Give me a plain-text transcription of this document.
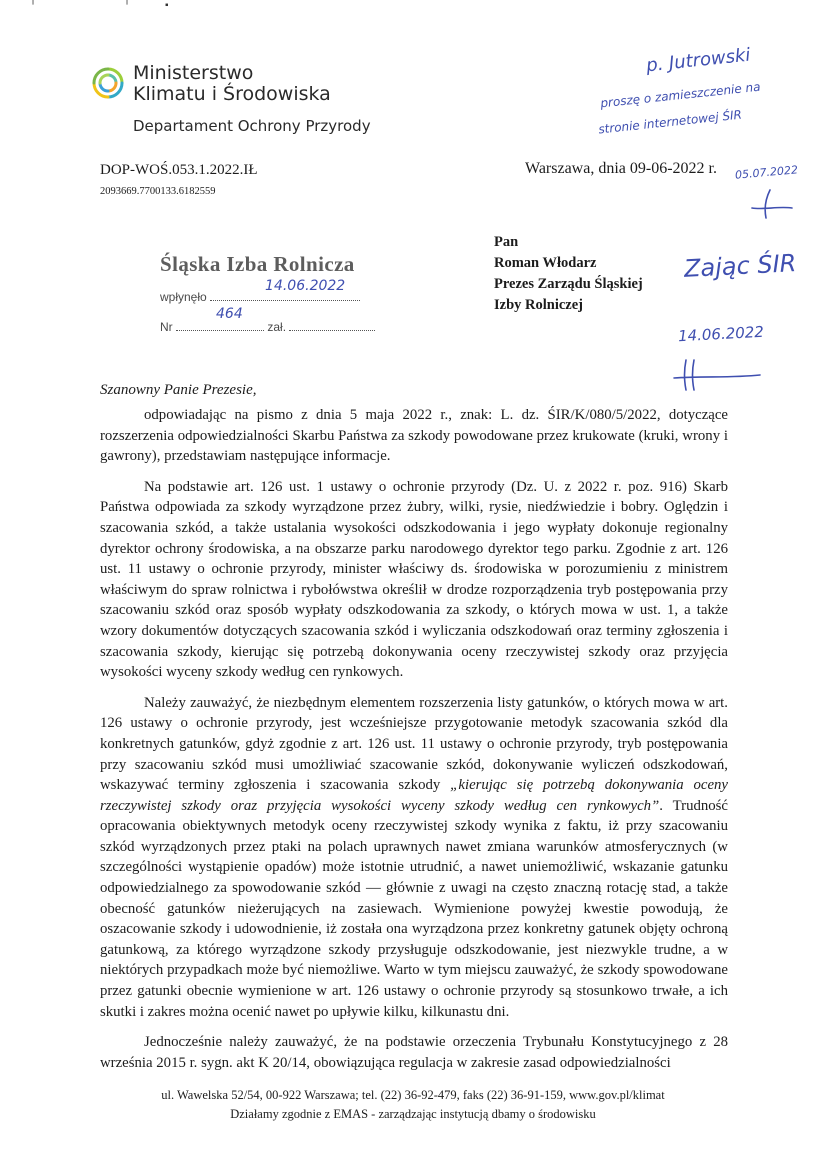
╵	╵	▪
Ministerstwo
Klimatu i Środowiska
Departament Ochrony Przyrody
DOP-WOŚ.053.1.2022.IŁ
2093669.7700133.6182559
Warszawa, dnia 09-06-2022 r.
Śląska Izba Rolnicza
wpłynęło
14.06.2022
Nr
464
zał.
Pan
Roman Włodarz
Prezes Zarządu Śląskiej
Izby Rolniczej
p. Jutrowski
proszę o zamieszczenie na
stronie internetowej ŚIR
05.07.2022
Zając ŚIR
14.06.2022
Szanowny Panie Prezesie,

odpowiadając na pismo z dnia 5 maja 2022 r., znak: L. dz. ŚIR/K/080/5/2022, dotyczące rozszerzenia odpowiedzialności Skarbu Państwa za szkody powodowane przez krukowate (kruki, wrony i gawrony), przedstawiam następujące informacje.

Na podstawie art. 126 ust. 1 ustawy o ochronie przyrody (Dz. U. z 2022 r. poz. 916) Skarb Państwa odpowiada za szkody wyrządzone przez żubry, wilki, rysie, niedźwiedzie i bobry. Oględzin i szacowania szkód, a także ustalania wysokości odszkodowania i jego wypłaty dokonuje regionalny dyrektor ochrony środowiska, a na obszarze parku narodowego dyrektor tego parku. Zgodnie z art. 126 ust. 11 ustawy o ochronie przyrody, minister właściwy ds. środowiska w porozumieniu z ministrem właściwym do spraw rolnictwa i rybołówstwa określił w drodze rozporządzenia tryb postępowania przy szacowaniu szkód oraz sposób wypłaty odszkodowania za szkody, o których mowa w ust. 1, a także wzory dokumentów dotyczących szacowania szkód i wyliczania odszkodowań oraz terminy zgłoszenia i szacowania szkody, kierując się potrzebą dokonywania oceny rzeczywistej szkody oraz przyjęcia wysokości wyceny szkody według cen rynkowych.

Należy zauważyć, że niezbędnym elementem rozszerzenia listy gatunków, o których mowa w art. 126 ustawy o ochronie przyrody, jest wcześniejsze przygotowanie metodyk szacowania szkód dla konkretnych gatunków, gdyż zgodnie z art. 126 ust. 11 ustawy o ochronie przyrody, tryb postępowania przy szacowaniu szkód musi umożliwiać szacowanie szkód, dokonywanie wyliczeń odszkodowań, wskazywać terminy zgłoszenia i szacowania szkody „kierując się potrzebą dokonywania oceny rzeczywistej szkody oraz przyjęcia wysokości wyceny szkody według cen rynkowych”. Trudność opracowania obiektywnych metodyk oceny rzeczywistej szkody wynika z faktu, iż przy szacowaniu szkód wyrządzonych przez ptaki na polach uprawnych nawet zmiana warunków atmosferycznych (w szczególności wystąpienie opadów) może istotnie utrudnić, a nawet uniemożliwić, wskazanie gatunku odpowiedzialnego za spowodowanie szkód — głównie z uwagi na często znaczną rotację stad, a także obecność gatunków nieżerujących na zasiewach. Wymienione powyżej kwestie powodują, że oszacowanie szkody i udowodnienie, iż została ona wyrządzona przez konkretny gatunek objęty ochroną gatunkową, za którego wyrządzone szkody przysługuje odszkodowanie, jest niezwykle trudne, a w niektórych przypadkach może być niemożliwe. Warto w tym miejscu zauważyć, że szkody spowodowane przez gatunki obecnie wymienione w art. 126 ustawy o ochronie przyrody są stosunkowo trwałe, a ich skutki i zakres można ocenić nawet po upływie kilku, kilkunastu dni.

Jednocześnie należy zauważyć, że na podstawie orzeczenia Trybunału Konstytucyjnego z 28 września 2015 r. sygn. akt K 20/14, obowiązująca regulacja w zakresie zasad odpowiedzialności

ul. Wawelska 52/54, 00-922 Warszawa; tel. (22) 36-92-479, faks (22) 36-91-159, www.gov.pl/klimat
Działamy zgodnie z EMAS - zarządzając instytucją dbamy o środowisku
